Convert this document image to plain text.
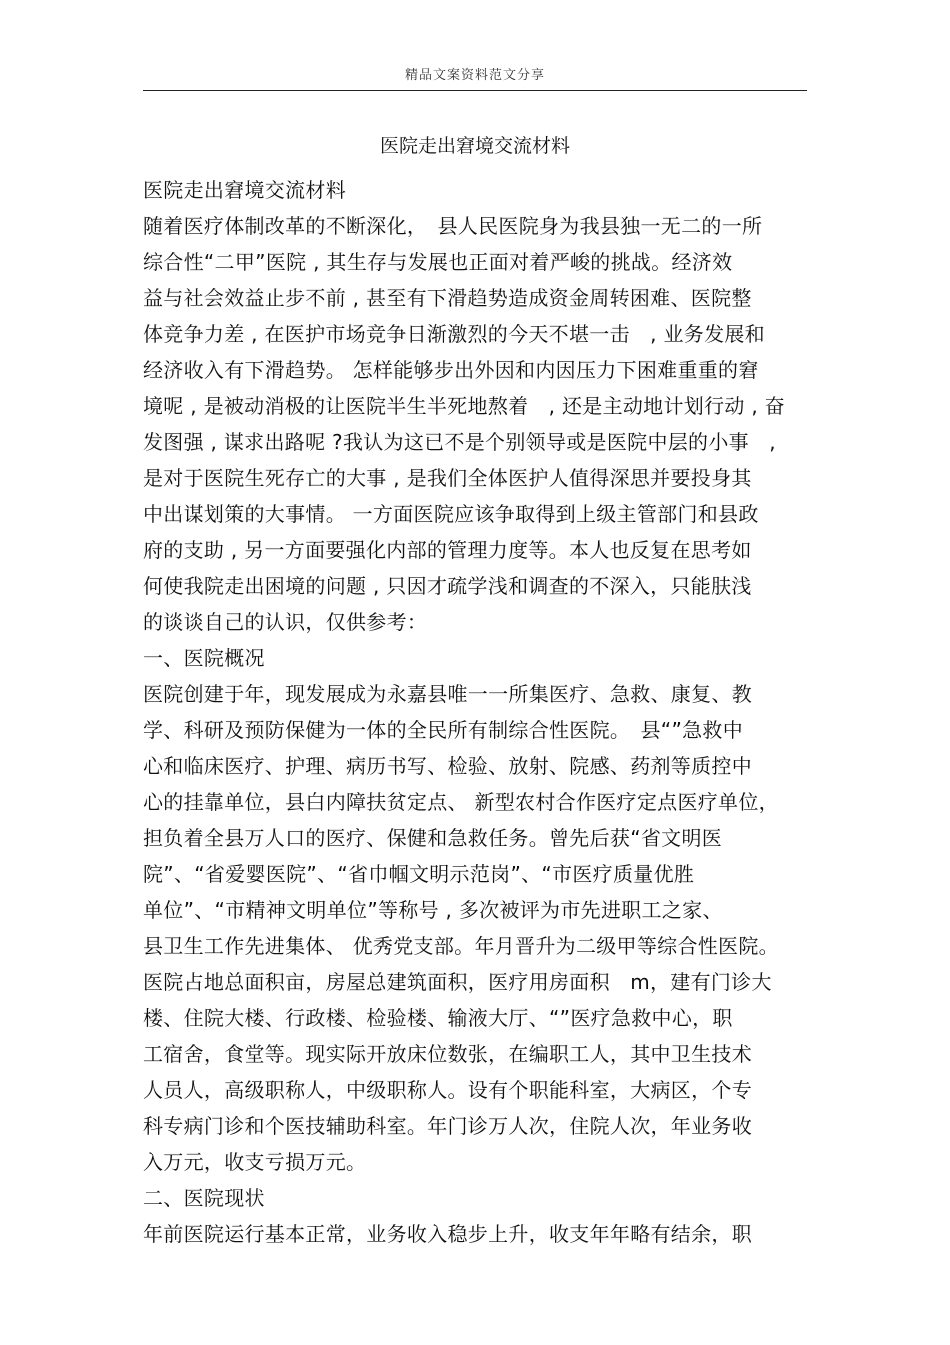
精品文案资料范文分享
医院走出窘境交流材料
医院走出窘境交流材料
随着医疗体制改革的不断深化，　县人民医院身为我县独一无二的一所
综合性“二甲”医院 , 其生存与发展也正面对着严峻的挑战。经济效
益与社会效益止步不前 , 甚至有下滑趋势造成资金周转困难、医院整
体竞争力差 , 在医护市场竞争日渐激烈的今天不堪一击　, 业务发展和
经济收入有下滑趋势。 怎样能够步出外因和内因压力下困难重重的窘
境呢 , 是被动消极的让医院半生半死地熬着　, 还是主动地计划行动 , 奋
发图强 , 谋求出路呢 ?我认为这已不是个别领导或是医院中层的小事　,
是对于医院生死存亡的大事 , 是我们全体医护人值得深思并要投身其
中出谋划策的大事情。 一方面医院应该争取得到上级主管部门和县政
府的支助 , 另一方面要强化内部的管理力度等。本人也反复在思考如
何使我院走出困境的问题 , 只因才疏学浅和调查的不深入，只能肤浅
的谈谈自己的认识，仅供参考：
一、医院概况
医院创建于年，现发展成为永嘉县唯一一所集医疗、急救、康复、教
学、科研及预防保健为一体的全民所有制综合性医院。　县“”急救中
心和临床医疗、护理、病历书写、检验、放射、院感、药剂等质控中
心的挂靠单位，县白内障扶贫定点、 新型农村合作医疗定点医疗单位，
担负着全县万人口的医疗、保健和急救任务。曾先后获“省文明医
院”、“省爱婴医院”、“省巾帼文明示范岗”、“市医疗质量优胜
单位”、“市精神文明单位”等称号 , 多次被评为市先进职工之家、
县卫生工作先进集体、 优秀党支部。年月晋升为二级甲等综合性医院。
医院占地总面积亩，房屋总建筑面积，医疗用房面积　m，建有门诊大
楼、住院大楼、行政楼、检验楼、输液大厅、“”医疗急救中心，职
工宿舍，食堂等。现实际开放床位数张，在编职工人，其中卫生技术
人员人，高级职称人，中级职称人。设有个职能科室，大病区，个专
科专病门诊和个医技辅助科室。年门诊万人次，住院人次，年业务收
入万元，收支亏损万元。
二、医院现状
年前医院运行基本正常，业务收入稳步上升，收支年年略有结余，职
